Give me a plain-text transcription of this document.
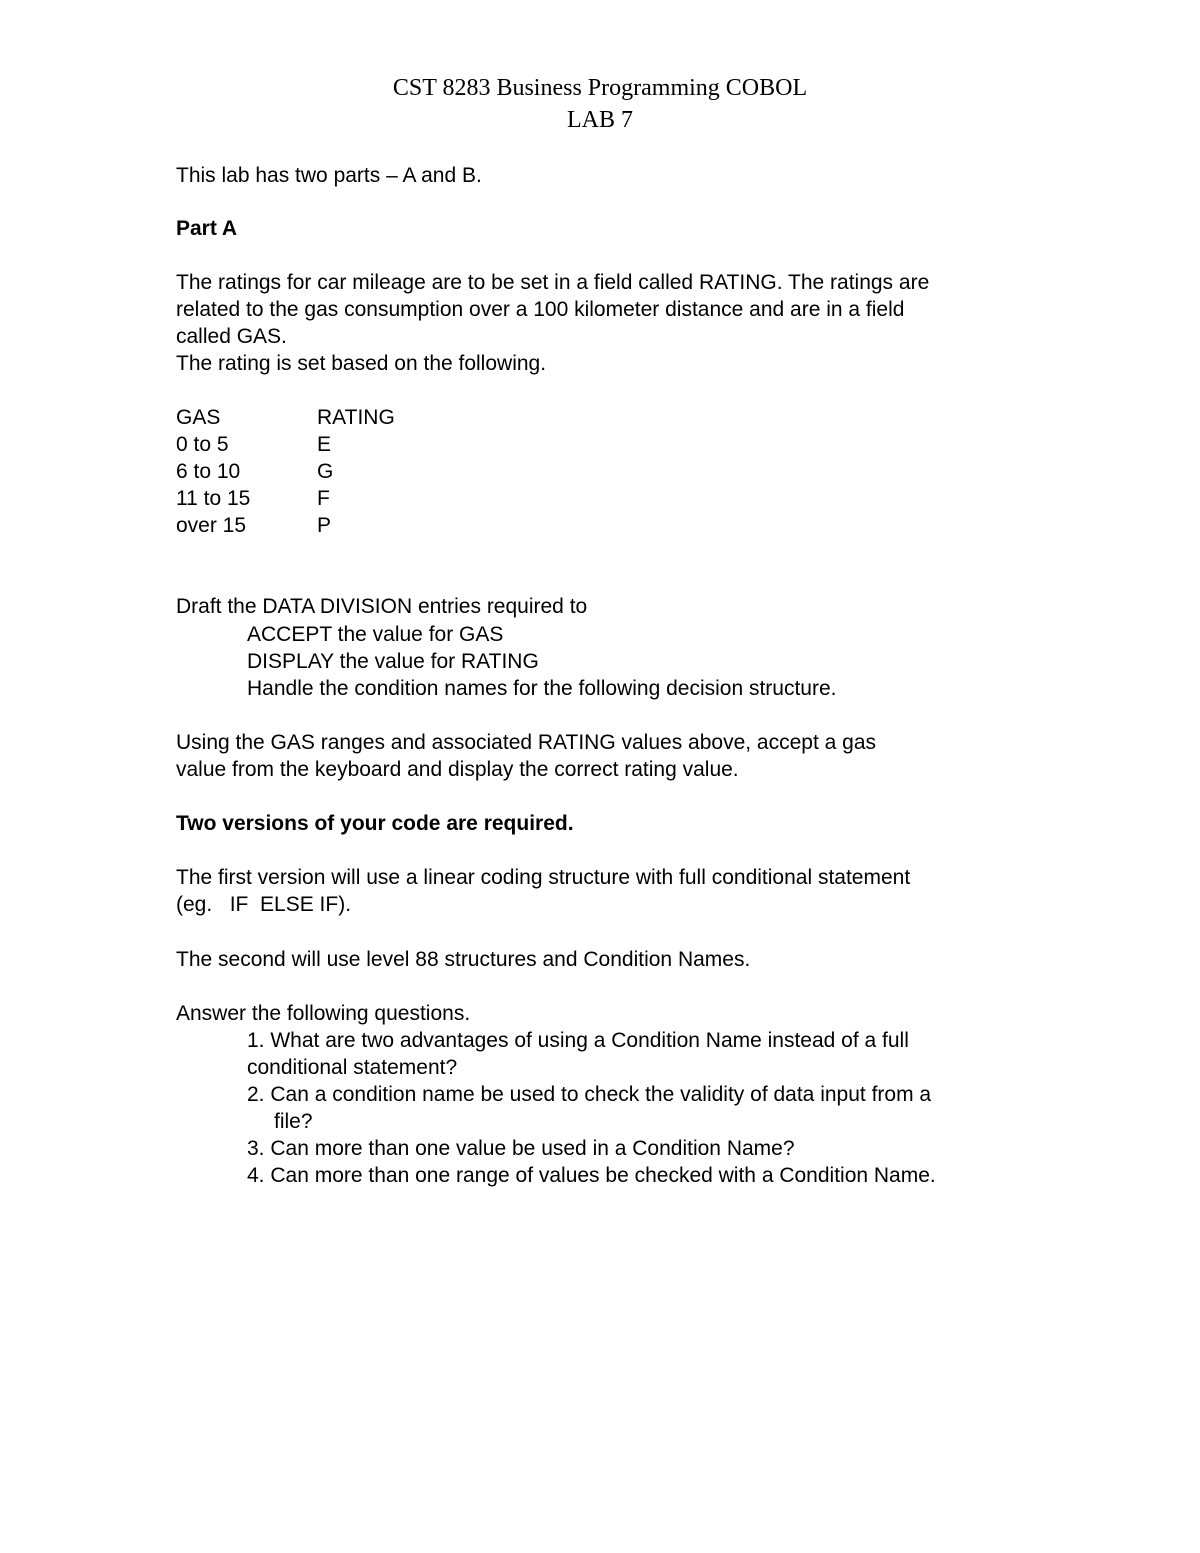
CST 8283 Business Programming COBOL
LAB 7
This lab has two parts – A and B.
Part A
The ratings for car mileage are to be set in a field called RATING. The ratings are
related to the gas consumption over a 100 kilometer distance and are in a field
called GAS.
The rating is set based on the following.
GAS	RATING
0 to 5	E
6 to 10	G
11 to 15	F
over 15	P
Draft the DATA DIVISION entries required to
ACCEPT the value for GAS
DISPLAY the value for RATING
Handle the condition names for the following decision structure.
Using the GAS ranges and associated RATING values above, accept a gas
value from the keyboard and display the correct rating value.
Two versions of your code are required.
The first version will use a linear coding structure with full conditional statement
(eg.   IF  ELSE IF).
The second will use level 88 structures and Condition Names.
Answer the following questions.
1. What are two advantages of using a Condition Name instead of a full
conditional statement?
2. Can a condition name be used to check the validity of data input from a
file?
3. Can more than one value be used in a Condition Name?
4. Can more than one range of values be checked with a Condition Name.
